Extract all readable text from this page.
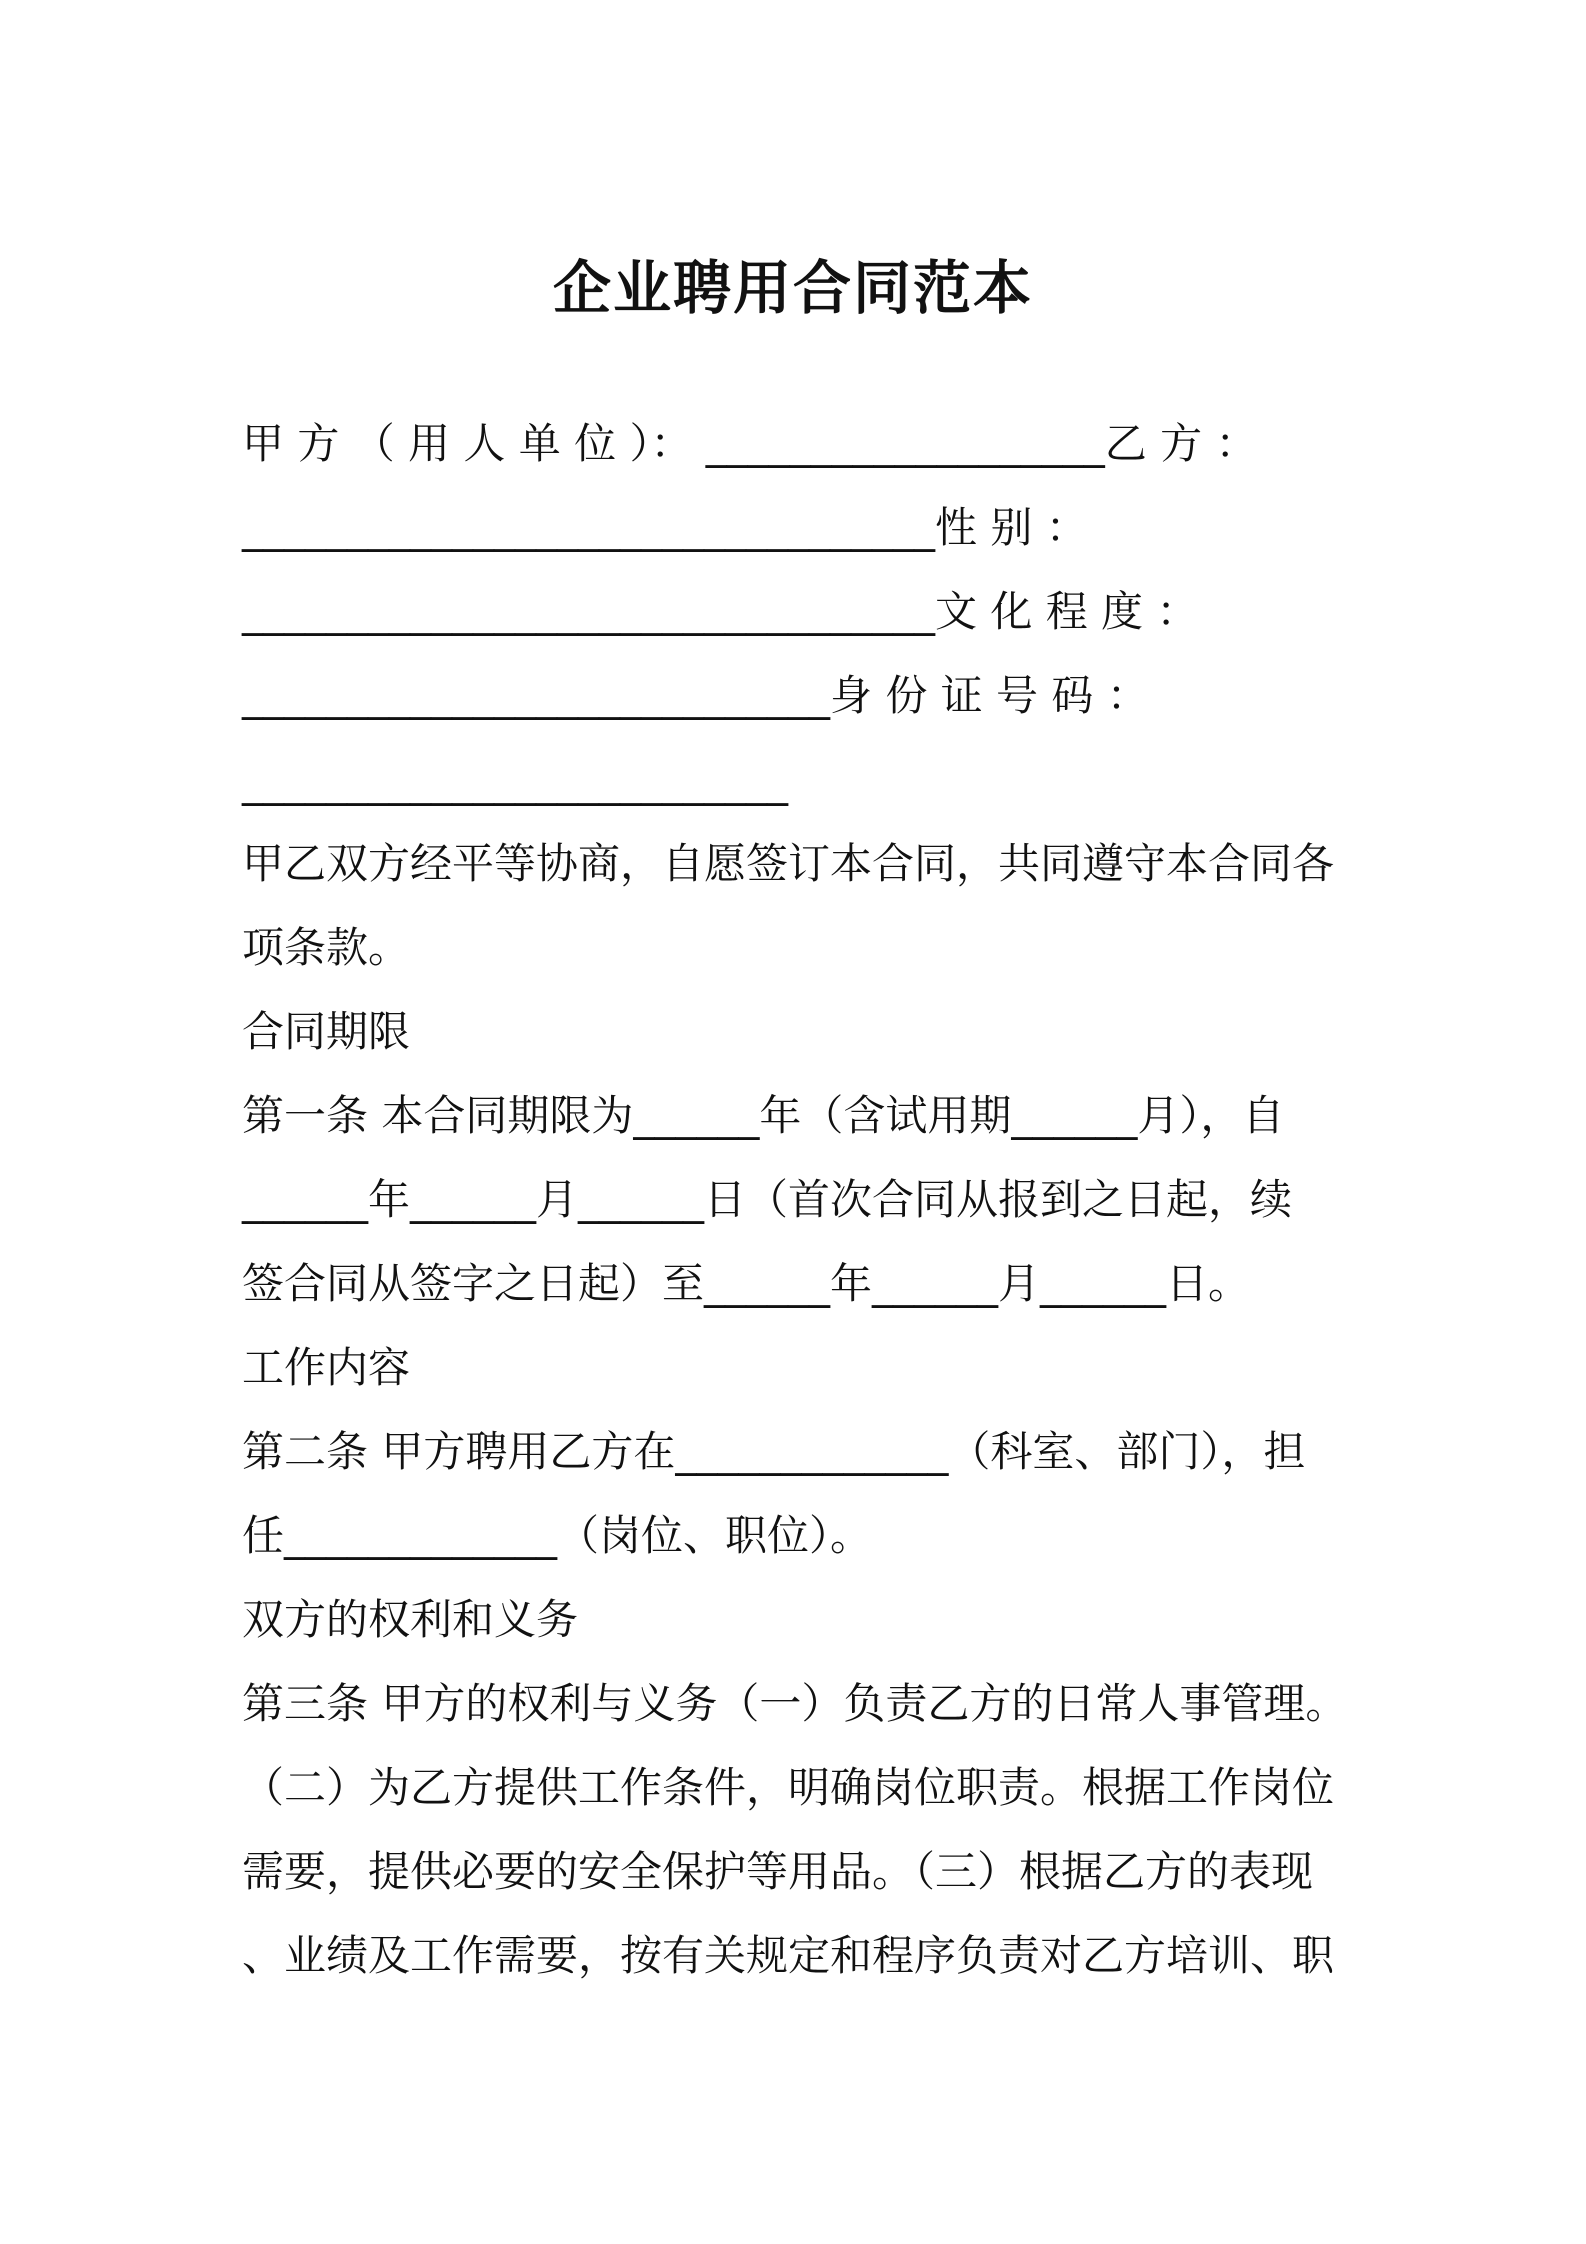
企业聘用合同范本
甲 方 （ 用 人 单 位 ）： ___________________乙 方 ：
_________________________________性 别 ：
_________________________________文 化 程 度 ：
____________________________身 份 证 号 码 ：
__________________________
甲乙双方经平等协商，自愿签订本合同，共同遵守本合同各
项条款。
合同期限
第一条 本合同期限为______年（含试用期______月），自
______年______月______日（首次合同从报到之日起，续
签合同从签字之日起）至______年______月______日。
工作内容
第二条 甲方聘用乙方在_____________（科室、部门），担
任_____________（岗位、职位）。
双方的权利和义务
第三条 甲方的权利与义务（一）负责乙方的日常人事管理。
（二）为乙方提供工作条件，明确岗位职责。根据工作岗位
需要，提供必要的安全保护等用品。（三）根据乙方的表现
、业绩及工作需要，按有关规定和程序负责对乙方培训、职
